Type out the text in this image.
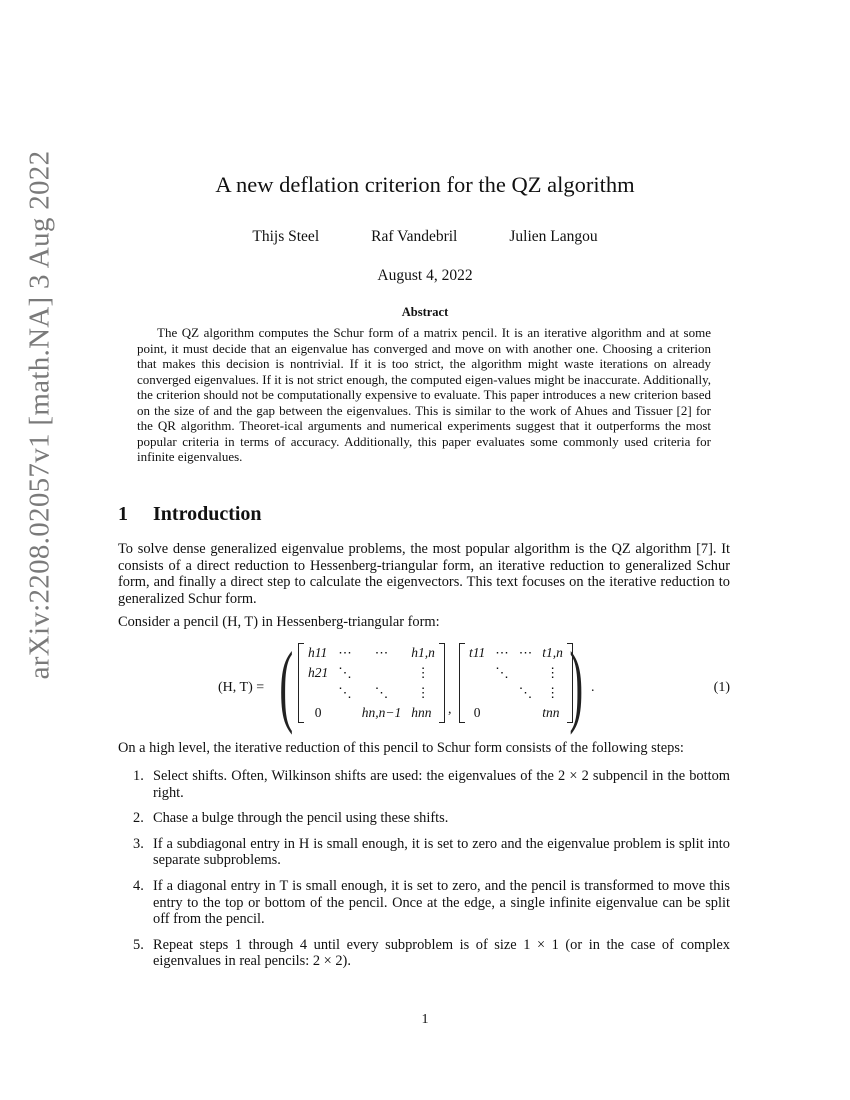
arXiv:2208.02057v1 [math.NA] 3 Aug 2022	A new deflation criterion for the QZ algorithm
Thijs Steel	Raf Vandebril	Julien Langou
August 4, 2022
Abstract

The QZ algorithm computes the Schur form of a matrix pencil. It is an iterative algorithm and at some point, it must decide that an eigenvalue has converged and move on with another one. Choosing a criterion that makes this decision is nontrivial. If it is too strict, the algorithm might waste iterations on already converged eigenvalues. If it is not strict enough, the computed eigen-values might be inaccurate. Additionally, the criterion should not be computationally expensive to evaluate. This paper introduces a new criterion based on the size of and the gap between the eigenvalues. This is similar to the work of Ahues and Tissuer [2] for the QR algorithm. Theoret-ical arguments and numerical experiments suggest that it outperforms the most popular criteria in terms of accuracy. Additionally, this paper evaluates some commonly used criteria for infinite eigenvalues.

1 Introduction

To solve dense generalized eigenvalue problems, the most popular algorithm is the QZ algorithm [7]. It consists of a direct reduction to Hessenberg-triangular form, an iterative reduction to generalized Schur form, and finally a direct step to calculate the eigenvectors. This text focuses on the iterative reduction to generalized Schur form.

Consider a pencil (H, T) in Hessenberg-triangular form:

(H, T) = ( h11	⋯	⋯	h1,n
h21	⋱		⋮
	⋱	⋱	⋮
0		hn,n−1	hnn ,
t11	⋯	⋯	t1,n
	⋱		⋮
		⋱	⋮
0			tnn ) .	(1)

On a high level, the iterative reduction of this pencil to Schur form consists of the following steps:

1. Select shifts. Often, Wilkinson shifts are used: the eigenvalues of the 2 × 2 subpencil in the bottom right.
2. Chase a bulge through the pencil using these shifts.
3. If a subdiagonal entry in H is small enough, it is set to zero and the eigenvalue problem is split into separate subproblems.
4. If a diagonal entry in T is small enough, it is set to zero, and the pencil is transformed to move this entry to the top or bottom of the pencil. Once at the edge, a single infinite eigenvalue can be split off from the pencil.
5. Repeat steps 1 through 4 until every subproblem is of size 1 × 1 (or in the case of complex eigenvalues in real pencils: 2 × 2).
1
